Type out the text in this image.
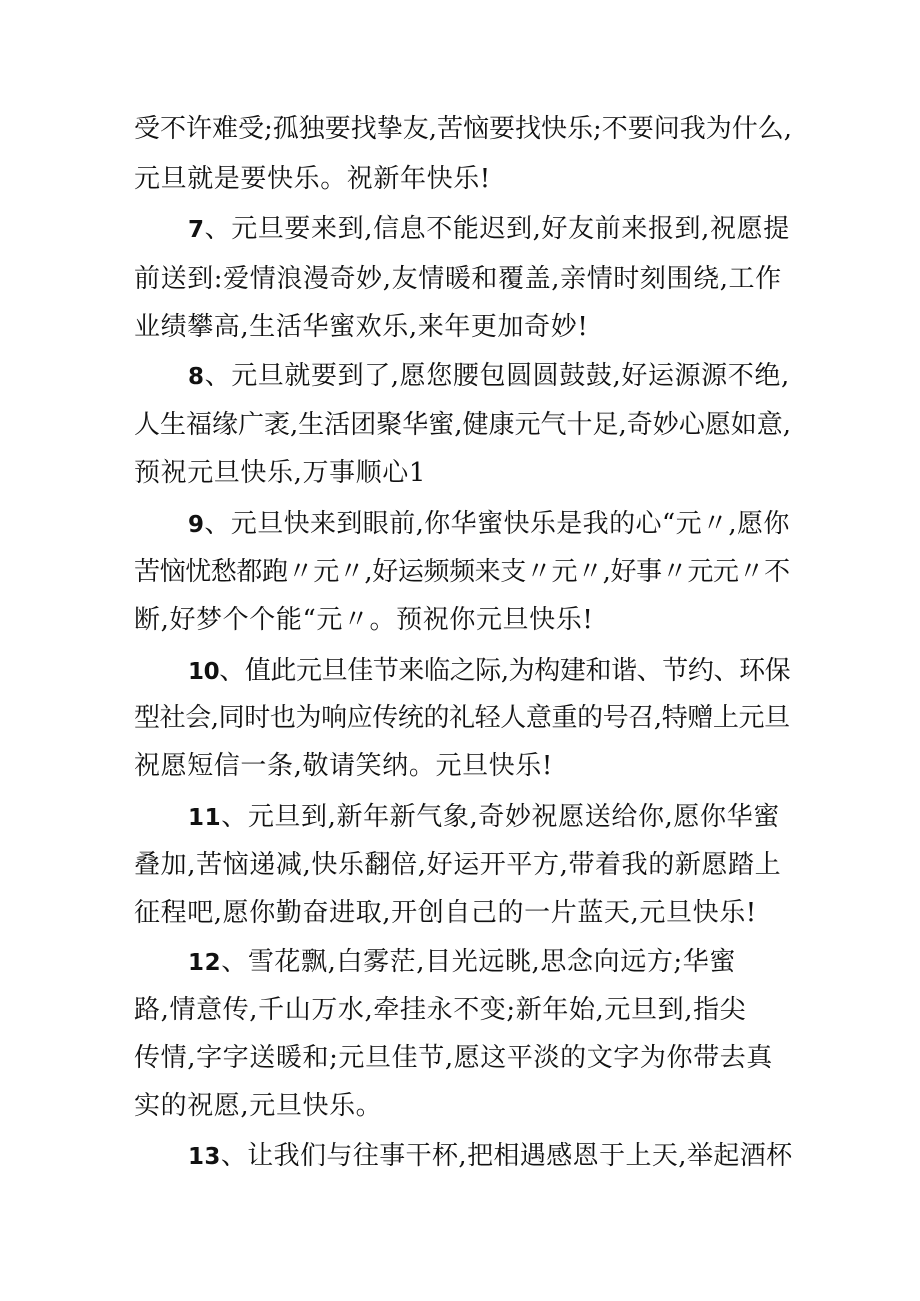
受不许难受;孤独要找挚友,苦恼要找快乐;不要问我为什么,
元旦就是要快乐。祝新年快乐!
7、元旦要来到,信息不能迟到,好友前来报到,祝愿提
前送到:爱情浪漫奇妙,友情暖和覆盖,亲情时刻围绕,工作
业绩攀高,生活华蜜欢乐,来年更加奇妙!
8、元旦就要到了,愿您腰包圆圆鼓鼓,好运源源不绝,
人生福缘广袤,生活团聚华蜜,健康元气十足,奇妙心愿如意,
预祝元旦快乐,万事顺心1
9、元旦快来到眼前,你华蜜快乐是我的心“元〃,愿你
苦恼忧愁都跑〃元〃,好运频频来支〃元〃,好事〃元元〃不
断,好梦个个能“元〃。预祝你元旦快乐!
10、值此元旦佳节来临之际,为构建和谐、节约、环保
型社会,同时也为响应传统的礼轻人意重的号召,特赠上元旦
祝愿短信一条,敬请笑纳。元旦快乐!
11、元旦到,新年新气象,奇妙祝愿送给你,愿你华蜜
叠加,苦恼递减,快乐翻倍,好运开平方,带着我的新愿踏上
征程吧,愿你勤奋进取,开创自己的一片蓝天,元旦快乐!
12、雪花飘,白雾茫,目光远眺,思念向远方;华蜜
路,情意传,千山万水,牵挂永不变;新年始,元旦到,指尖
传情,字字送暖和;元旦佳节,愿这平淡的文字为你带去真
实的祝愿,元旦快乐。
13、让我们与往事干杯,把相遇感恩于上天,举起酒杯
